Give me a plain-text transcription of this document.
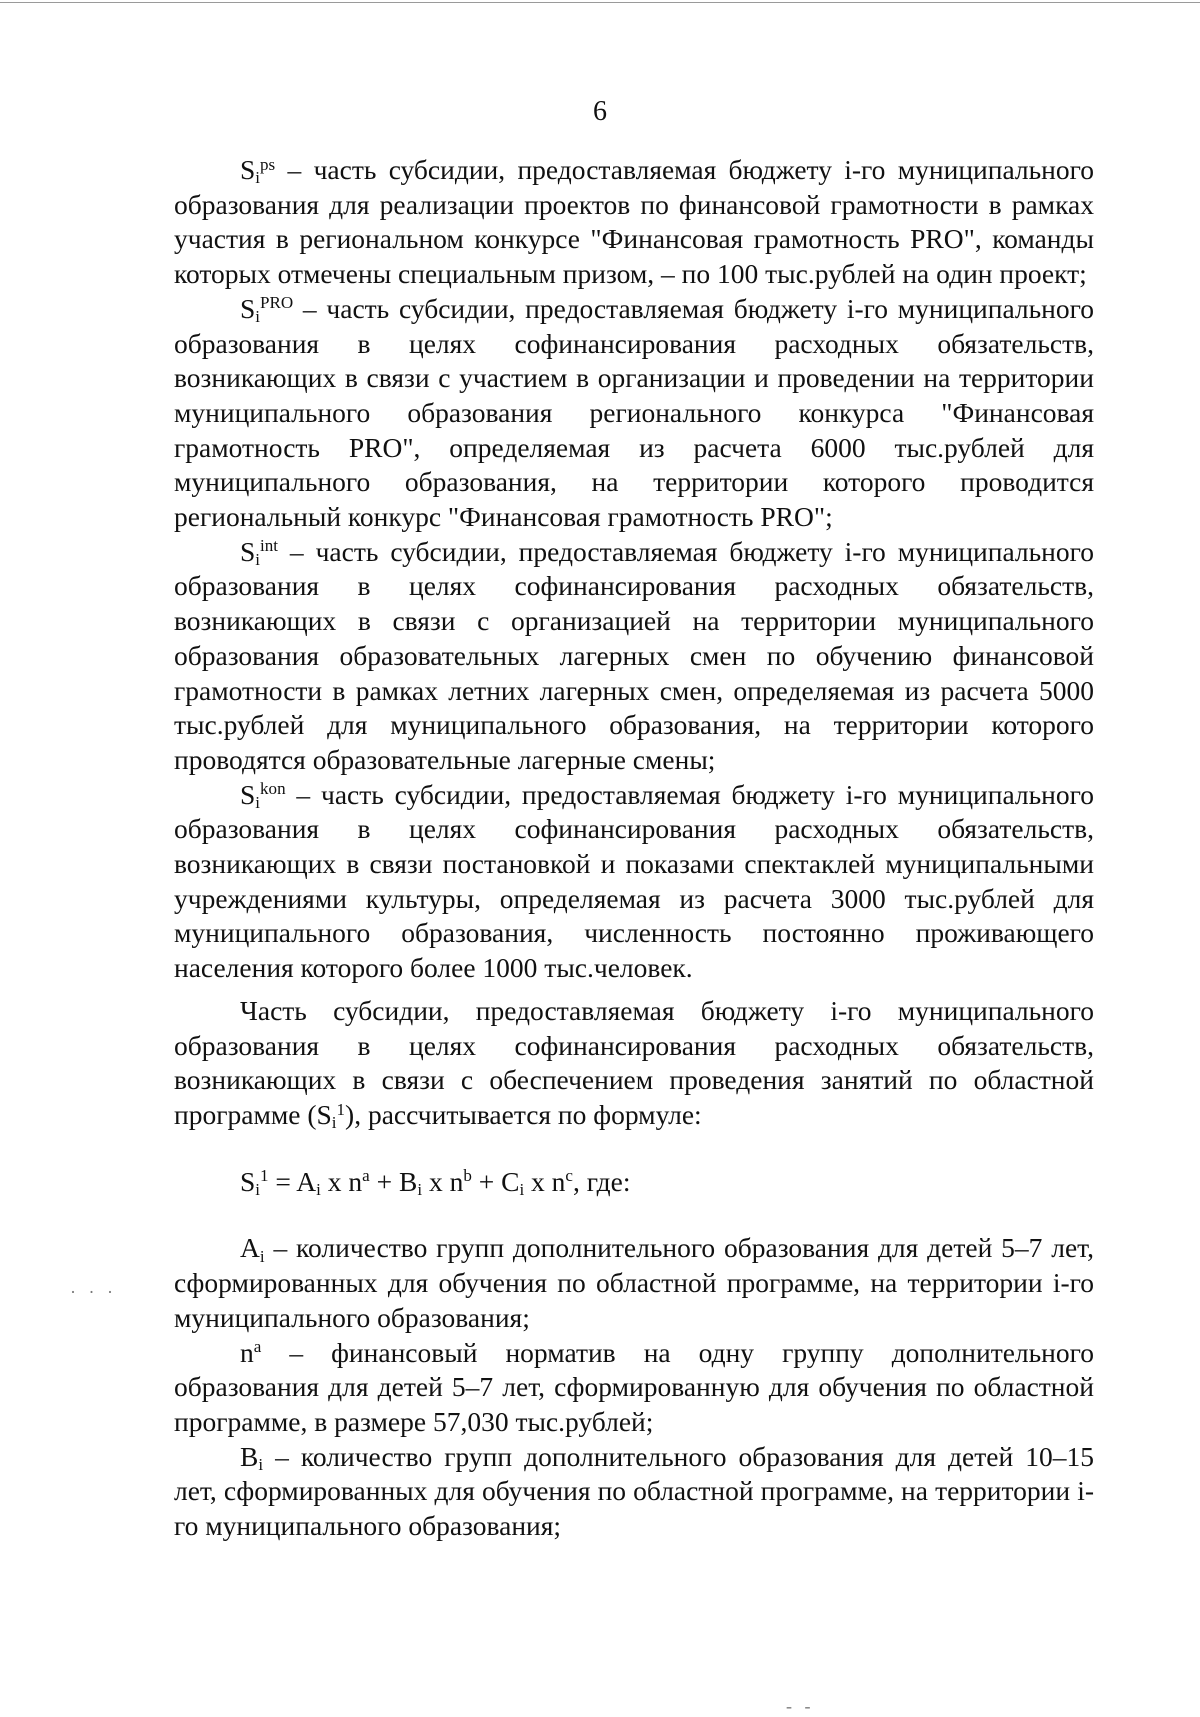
6

$S_i^{ps}$ – часть субсидии, предоставляемая бюджету i-го муниципального образования для реализации проектов по финансовой грамотности в рамках участия в региональном конкурсе "Финансовая грамотность PRO", команды которых отмечены специальным призом, – по 100 тыс.рублей на один проект;

$S_i^{PRO}$ – часть субсидии, предоставляемая бюджету i-го муниципального образования в целях софинансирования расходных обязательств, возникающих в связи с участием в организации и проведении на территории муниципального образования регионального конкурса "Финансовая грамотность PRO", определяемая из расчета 6000 тыс.рублей для муниципального образования, на территории которого проводится региональный конкурс "Финансовая грамотность PRO";

$S_i^{int}$ – часть субсидии, предоставляемая бюджету i-го муниципального образования в целях софинансирования расходных обязательств, возникающих в связи с организацией на территории муниципального образования образовательных лагерных смен по обучению финансовой грамотности в рамках летних лагерных смен, определяемая из расчета 5000 тыс.рублей для муниципального образования, на территории которого проводятся образовательные лагерные смены;

$S_i^{kon}$ – часть субсидии, предоставляемая бюджету i-го муниципального образования в целях софинансирования расходных обязательств, возникающих в связи постановкой и показами спектаклей муниципальными учреждениями культуры, определяемая из расчета 3000 тыс.рублей для муниципального образования, численность постоянно проживающего населения которого более 1000 тыс.человек.

Часть субсидии, предоставляемая бюджету i-го муниципального образования в целях софинансирования расходных обязательств, возникающих в связи с обеспечением проведения занятий по областной программе $(S_i^1)$, рассчитывается по формуле:

$S_i^1 = A_i$ x $n^a + B_i$ x $n^b + C_i$ x $n^c$, где:

$A_i$ – количество групп дополнительного образования для детей 5–7 лет, сформированных для обучения по областной программе, на территории i-го муниципального образования;

$n^a$ – финансовый норматив на одну группу дополнительного образования для детей 5–7 лет, сформированную для обучения по областной программе, в размере 57,030 тыс.рублей;

$B_i$ – количество групп дополнительного образования для детей 10–15 лет, сформированных для обучения по областной программе, на территории i-го муниципального образования;

· · ·
- -
